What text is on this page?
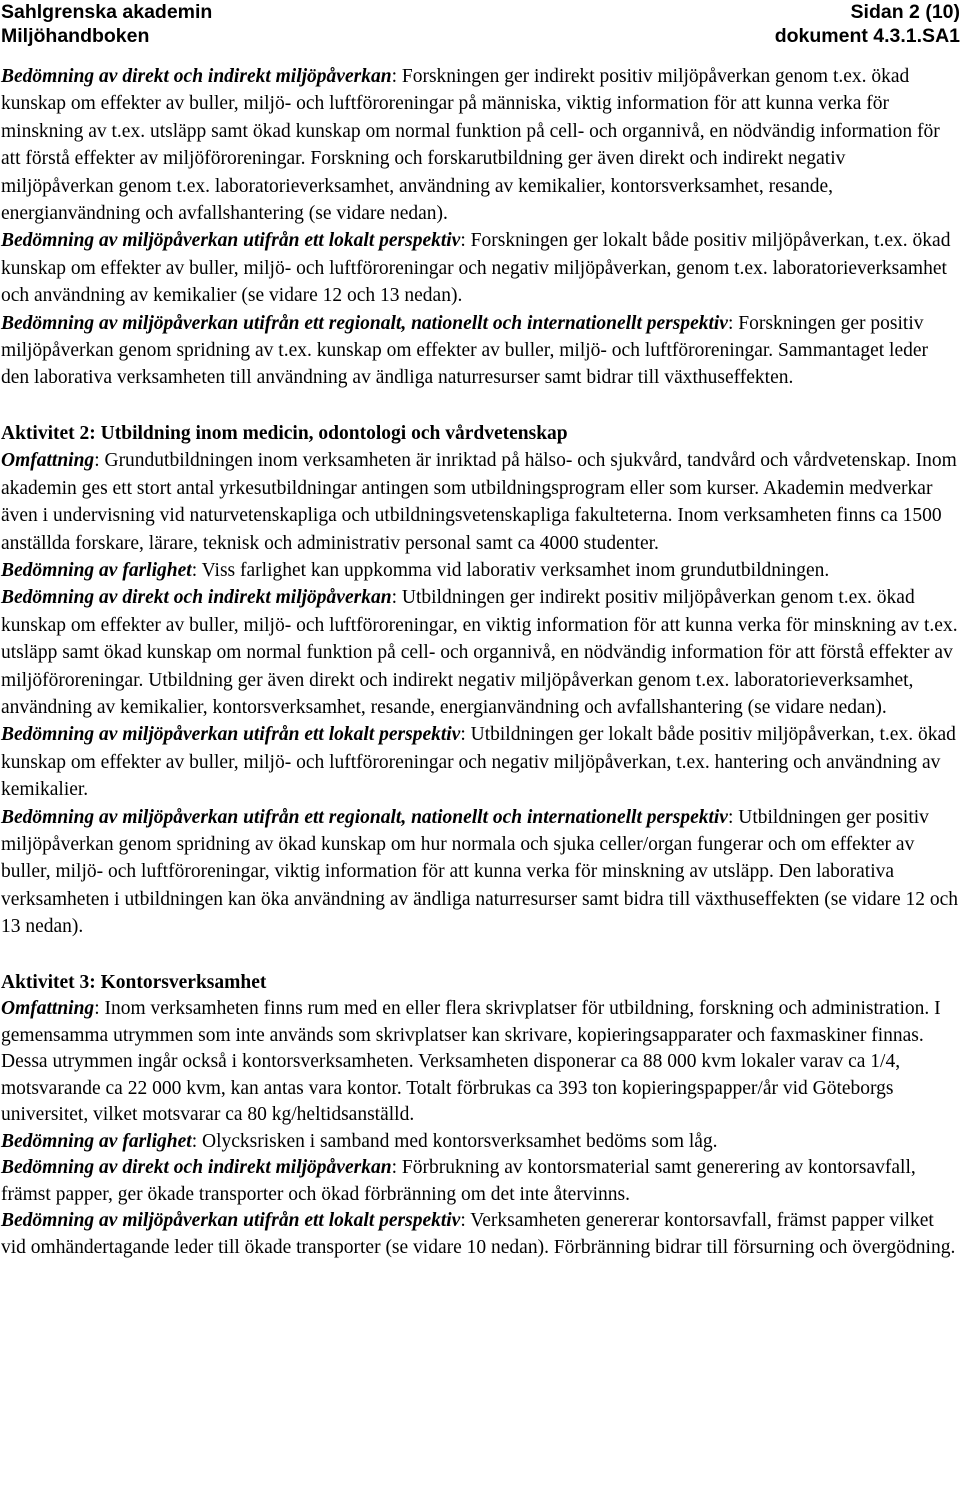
Sahlgrenska akademin	Sidan 2 (10)
Miljöhandboken	dokument 4.3.1.SA1

Bedömning av direkt och indirekt miljöpåverkan: Forskningen ger indirekt positiv miljöpåverkan genom t.ex. ökad kunskap om effekter av buller, miljö- och luftföroreningar på människa, viktig information för att kunna verka för minskning av t.ex. utsläpp samt ökad kunskap om normal funktion på cell- och organnivå, en nödvändig information för att förstå effekter av miljöföroreningar. Forskning och forskarutbildning ger även direkt och indirekt negativ miljöpåverkan genom t.ex. laboratorieverksamhet, användning av kemikalier, kontorsverksamhet, resande, energianvändning och avfallshantering (se vidare nedan).

Bedömning av miljöpåverkan utifrån ett lokalt perspektiv: Forskningen ger lokalt både positiv miljöpåverkan, t.ex. ökad kunskap om effekter av buller, miljö- och luftföroreningar och negativ miljöpåverkan, genom t.ex. laboratorieverksamhet och användning av kemikalier (se vidare 12 och 13 nedan).

Bedömning av miljöpåverkan utifrån ett regionalt, nationellt och internationellt perspektiv: Forskningen ger positiv miljöpåverkan genom spridning av t.ex. kunskap om effekter av buller, miljö- och luftföroreningar. Sammantaget leder den laborativa verksamheten till användning av ändliga naturresurser samt bidrar till växthuseffekten.

Aktivitet 2: Utbildning inom medicin, odontologi och vårdvetenskap

Omfattning: Grundutbildningen inom verksamheten är inriktad på hälso- och sjukvård, tandvård och vårdvetenskap. Inom akademin ges ett stort antal yrkesutbildningar antingen som utbildningsprogram eller som kurser. Akademin medverkar även i undervisning vid naturvetenskapliga och utbildningsvetenskapliga fakulteterna. Inom verksamheten finns ca 1500 anställda forskare, lärare, teknisk och administrativ personal samt ca 4000 studenter.

Bedömning av farlighet: Viss farlighet kan uppkomma vid laborativ verksamhet inom grundutbildningen.

Bedömning av direkt och indirekt miljöpåverkan: Utbildningen ger indirekt positiv miljöpåverkan genom t.ex. ökad kunskap om effekter av buller, miljö- och luftföroreningar, en viktig information för att kunna verka för minskning av t.ex. utsläpp samt ökad kunskap om normal funktion på cell- och organnivå, en nödvändig information för att förstå effekter av miljöföroreningar. Utbildning ger även direkt och indirekt negativ miljöpåverkan genom t.ex. laboratorieverksamhet, användning av kemikalier, kontorsverksamhet, resande, energianvändning och avfallshantering (se vidare nedan).

Bedömning av miljöpåverkan utifrån ett lokalt perspektiv: Utbildningen ger lokalt både positiv miljöpåverkan, t.ex. ökad kunskap om effekter av buller, miljö- och luftföroreningar och negativ miljöpåverkan, t.ex. hantering och användning av kemikalier.

Bedömning av miljöpåverkan utifrån ett regionalt, nationellt och internationellt perspektiv: Utbildningen ger positiv miljöpåverkan genom spridning av ökad kunskap om hur normala och sjuka celler/organ fungerar och om effekter av buller, miljö- och luftföroreningar, viktig information för att kunna verka för minskning av utsläpp. Den laborativa verksamheten i utbildningen kan öka användning av ändliga naturresurser samt bidra till växthuseffekten (se vidare 12 och 13 nedan).

Aktivitet 3: Kontorsverksamhet

Omfattning: Inom verksamheten finns rum med en eller flera skrivplatser för utbildning, forskning och administration. I gemensamma utrymmen som inte används som skrivplatser kan skrivare, kopieringsapparater och faxmaskiner finnas. Dessa utrymmen ingår också i kontorsverksamheten. Verksamheten disponerar ca 88 000 kvm lokaler varav ca 1/4, motsvarande ca 22 000 kvm, kan antas vara kontor. Totalt förbrukas ca 393 ton kopieringspapper/år vid Göteborgs universitet, vilket motsvarar ca 80 kg/heltidsanställd.

Bedömning av farlighet: Olycksrisken i samband med kontorsverksamhet bedöms som låg.

Bedömning av direkt och indirekt miljöpåverkan: Förbrukning av kontorsmaterial samt generering av kontorsavfall, främst papper, ger ökade transporter och ökad förbränning om det inte återvinns.

Bedömning av miljöpåverkan utifrån ett lokalt perspektiv: Verksamheten genererar kontorsavfall, främst papper vilket vid omhändertagande leder till ökade transporter (se vidare 10 nedan). Förbränning bidrar till försurning och övergödning.
